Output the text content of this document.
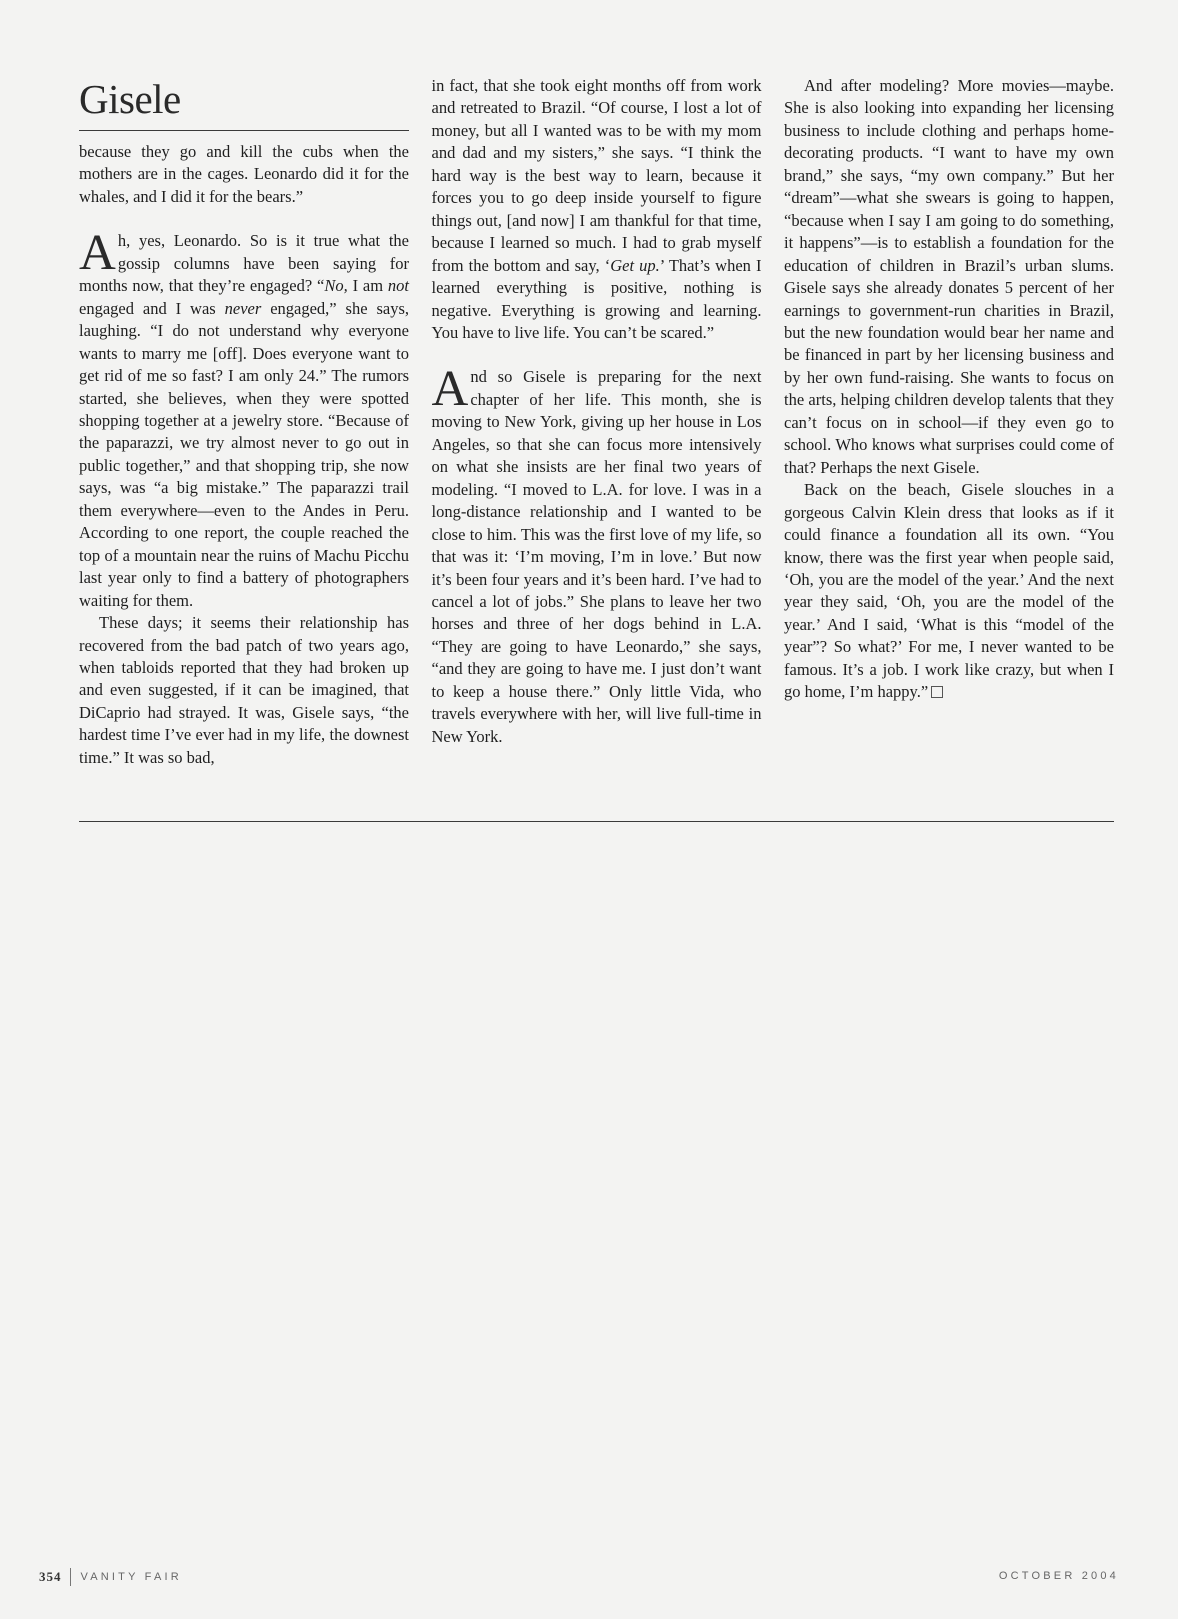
Gisele

because they go and kill the cubs when the mothers are in the cages. Leonardo did it for the whales, and I did it for the bears.”

Ah, yes, Leonardo. So is it true what the gossip columns have been saying for months now, that they’re engaged? “No, I am not engaged and I was never engaged,” she says, laughing. “I do not understand why everyone wants to marry me [off]. Does everyone want to get rid of me so fast? I am only 24.” The rumors started, she believes, when they were spotted shopping together at a jewelry store. “Because of the paparazzi, we try almost never to go out in public together,” and that shopping trip, she now says, was “a big mistake.” The paparazzi trail them everywhere—even to the Andes in Peru. According to one report, the couple reached the top of a mountain near the ruins of Machu Picchu last year only to find a battery of photographers waiting for them.

These days; it seems their relationship has recovered from the bad patch of two years ago, when tabloids reported that they had broken up and even suggested, if it can be imagined, that DiCaprio had strayed. It was, Gisele says, “the hardest time I’ve ever had in my life, the downest time.” It was so bad,

in fact, that she took eight months off from work and retreated to Brazil. “Of course, I lost a lot of money, but all I wanted was to be with my mom and dad and my sisters,” she says. “I think the hard way is the best way to learn, because it forces you to go deep inside yourself to figure things out, [and now] I am thankful for that time, because I learned so much. I had to grab myself from the bottom and say, ‘Get up.’ That’s when I learned everything is positive, nothing is negative. Everything is growing and learning. You have to live life. You can’t be scared.”

And so Gisele is preparing for the next chapter of her life. This month, she is moving to New York, giving up her house in Los Angeles, so that she can focus more intensively on what she insists are her final two years of modeling. “I moved to L.A. for love. I was in a long-distance relationship and I wanted to be close to him. This was the first love of my life, so that was it: ‘I’m moving, I’m in love.’ But now it’s been four years and it’s been hard. I’ve had to cancel a lot of jobs.” She plans to leave her two horses and three of her dogs behind in L.A. “They are going to have Leonardo,” she says, “and they are going to have me. I just don’t want to keep a house there.” Only little Vida, who travels everywhere with her, will live full-time in New York.

And after modeling? More movies—maybe. She is also looking into expanding her licensing business to include clothing and perhaps home-decorating products. “I want to have my own brand,” she says, “my own company.” But her “dream”—what she swears is going to happen, “because when I say I am going to do something, it happens”—is to establish a foundation for the education of children in Brazil’s urban slums. Gisele says she already donates 5 percent of her earnings to government-run charities in Brazil, but the new foundation would bear her name and be financed in part by her licensing business and by her own fund-raising. She wants to focus on the arts, helping children develop talents that they can’t focus on in school—if they even go to school. Who knows what surprises could come of that? Perhaps the next Gisele.

Back on the beach, Gisele slouches in a gorgeous Calvin Klein dress that looks as if it could finance a foundation all its own. “You know, there was the first year when people said, ‘Oh, you are the model of the year.’ And the next year they said, ‘Oh, you are the model of the year.’ And I said, ‘What is this “model of the year”? So what?’ For me, I never wanted to be famous. It’s a job. I work like crazy, but when I go home, I’m happy.”

354 VANITY FAIR	OCTOBER 2004
